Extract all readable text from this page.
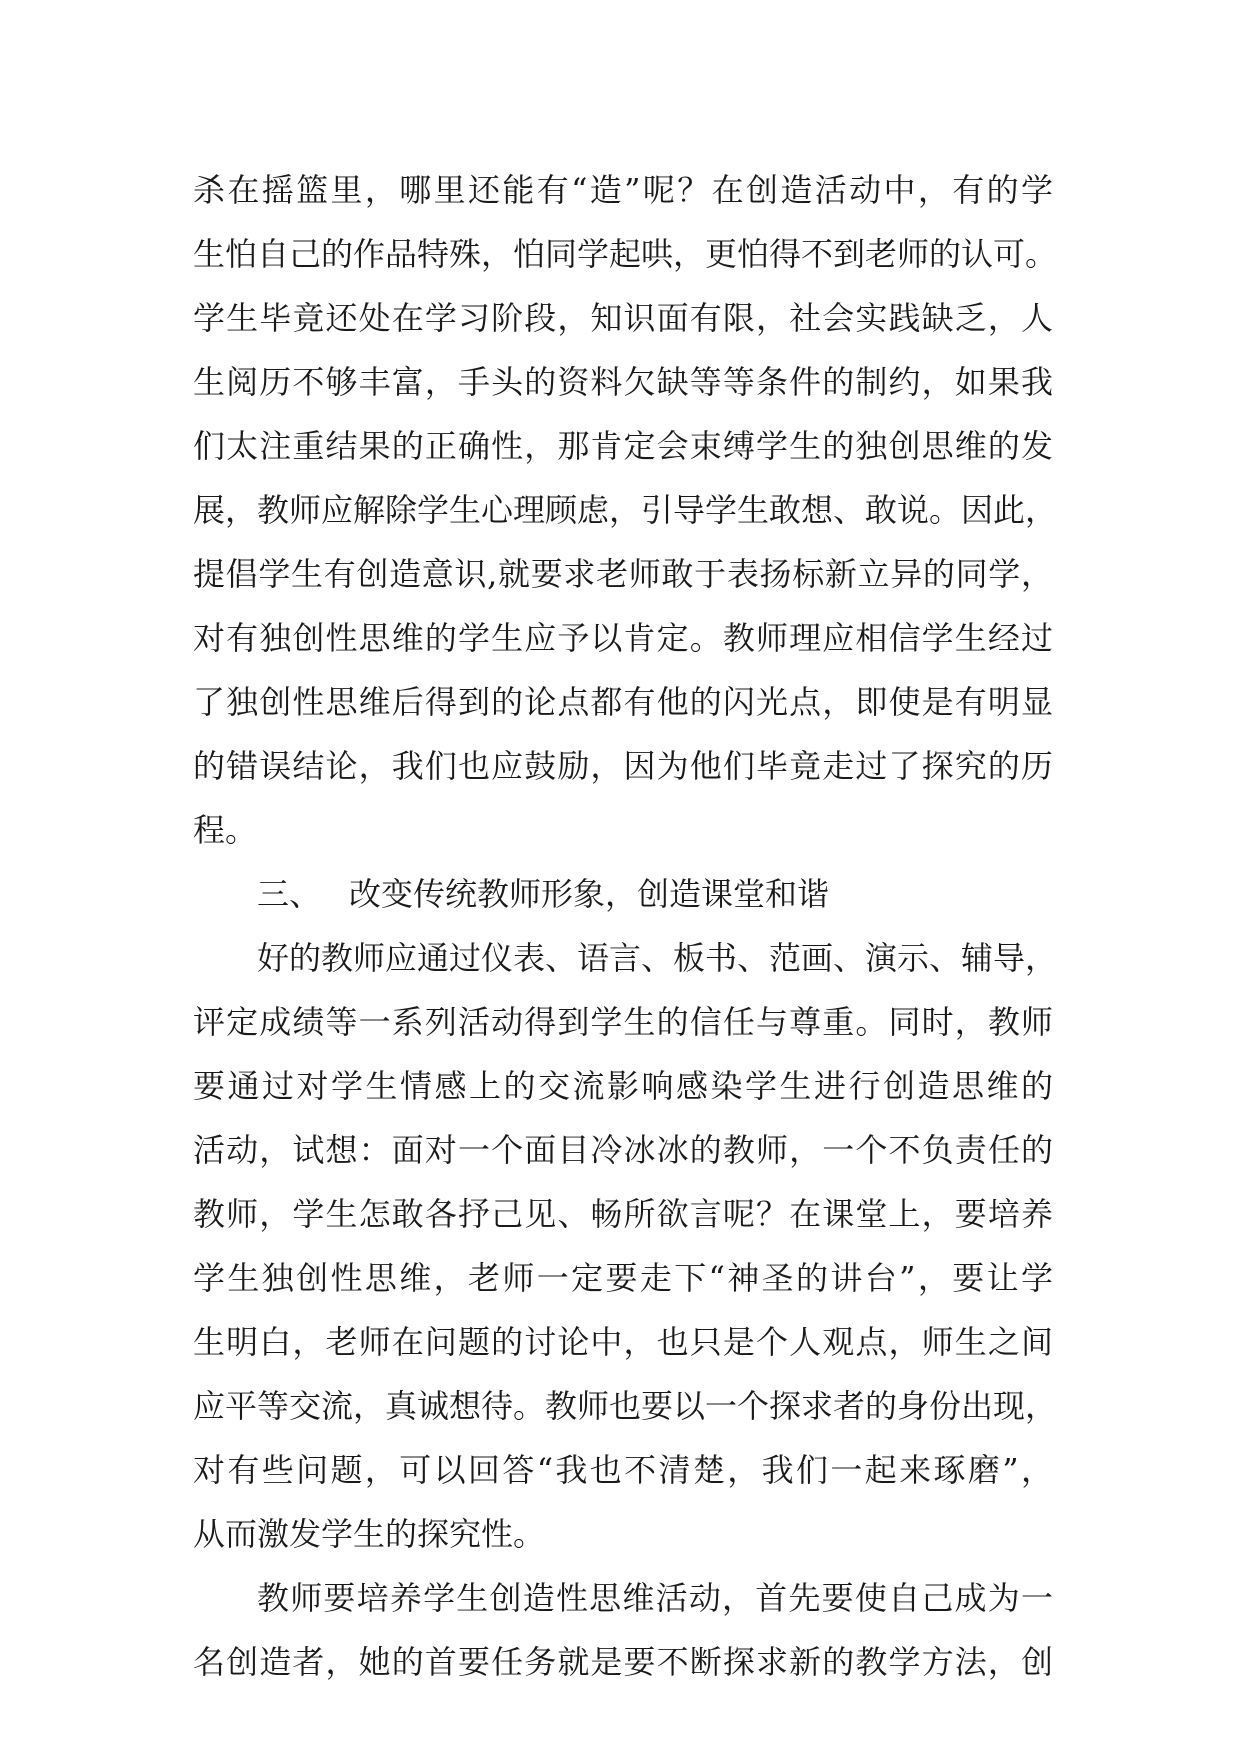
杀在摇篮里，哪里还能有“造”呢？在创造活动中，有的学
生怕自己的作品特殊，怕同学起哄，更怕得不到老师的认可。
学生毕竟还处在学习阶段，知识面有限，社会实践缺乏，人
生阅历不够丰富，手头的资料欠缺等等条件的制约，如果我
们太注重结果的正确性，那肯定会束缚学生的独创思维的发
展，教师应解除学生心理顾虑，引导学生敢想、敢说。因此，
提倡学生有创造意识,就要求老师敢于表扬标新立异的同学，
对有独创性思维的学生应予以肯定。教师理应相信学生经过
了独创性思维后得到的论点都有他的闪光点，即使是有明显
的错误结论，我们也应鼓励，因为他们毕竟走过了探究的历
程。
三、 改变传统教师形象，创造课堂和谐
好的教师应通过仪表、语言、板书、范画、演示、辅导，
评定成绩等一系列活动得到学生的信任与尊重。同时，教师
要通过对学生情感上的交流影响感染学生进行创造思维的
活动，试想：面对一个面目冷冰冰的教师，一个不负责任的
教师，学生怎敢各抒己见、畅所欲言呢？在课堂上，要培养
学生独创性思维，老师一定要走下“神圣的讲台”，要让学
生明白，老师在问题的讨论中，也只是个人观点，师生之间
应平等交流，真诚想待。教师也要以一个探求者的身份出现，
对有些问题，可以回答“我也不清楚，我们一起来琢磨”，
从而激发学生的探究性。
教师要培养学生创造性思维活动，首先要使自己成为一
名创造者，她的首要任务就是要不断探求新的教学方法，创
